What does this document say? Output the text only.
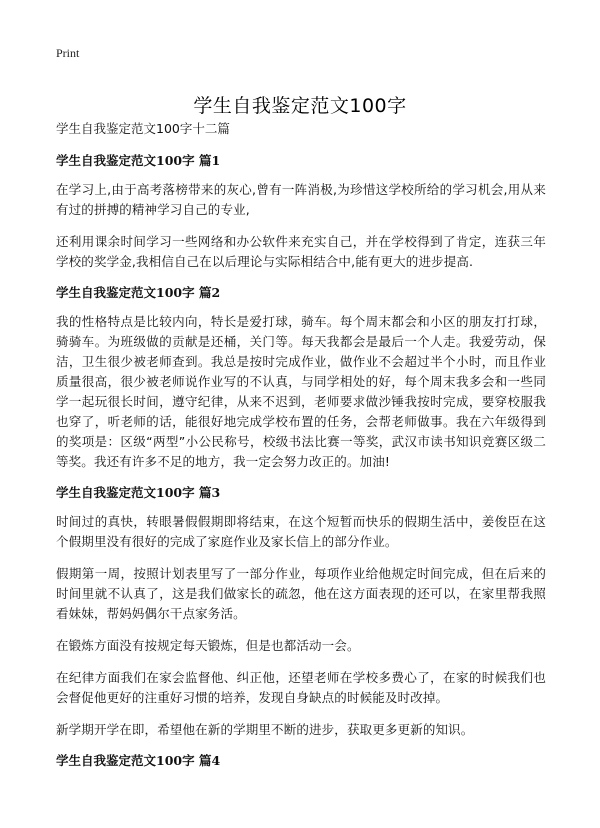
Print
学生自我鉴定范文100字

学生自我鉴定范文100字十二篇

学生自我鉴定范文100字 篇1

在学习上,由于高考落榜带来的灰心,曾有一阵消极,为珍惜这学校所给的学习机会,用从来有过的拼搏的精神学习自己的专业,

还利用课余时间学习一些网络和办公软件来充实自己，并在学校得到了肯定，连获三年学校的奖学金,我相信自己在以后理论与实际相结合中,能有更大的进步提高.

学生自我鉴定范文100字 篇2

我的性格特点是比较内向，特长是爱打球，骑车。每个周末都会和小区的朋友打打球，骑骑车。为班级做的贡献是还桶，关门等。每天我都会是最后一个人走。我爱劳动，保洁，卫生很少被老师查到。我总是按时完成作业，做作业不会超过半个小时，而且作业质量很高，很少被老师说作业写的不认真，与同学相处的好，每个周末我多会和一些同学一起玩很长时间，遵守纪律，从来不迟到，老师要求做沙锤我按时完成，要穿校服我也穿了，听老师的话，能很好地完成学校布置的任务，会帮老师做事。我在六年级得到的奖项是：区级“两型”小公民称号，校级书法比赛一等奖，武汉市读书知识竞赛区级二等奖。我还有许多不足的地方，我一定会努力改正的。加油!

学生自我鉴定范文100字 篇3

时间过的真快，转眼暑假假期即将结束，在这个短暂而快乐的假期生活中，姜俊臣在这个假期里没有很好的完成了家庭作业及家长信上的部分作业。

假期第一周，按照计划表里写了一部分作业，每项作业给他规定时间完成，但在后来的时间里就不认真了，这是我们做家长的疏忽，他在这方面表现的还可以，在家里帮我照看妹妹，帮妈妈偶尔干点家务活。

在锻炼方面没有按规定每天锻炼，但是也都活动一会。

在纪律方面我们在家会监督他、纠正他，还望老师在学校多费心了，在家的时候我们也会督促他更好的注重好习惯的培养，发现自身缺点的时候能及时改掉。

新学期开学在即，希望他在新的学期里不断的进步，获取更多更新的知识。

学生自我鉴定范文100字 篇4
